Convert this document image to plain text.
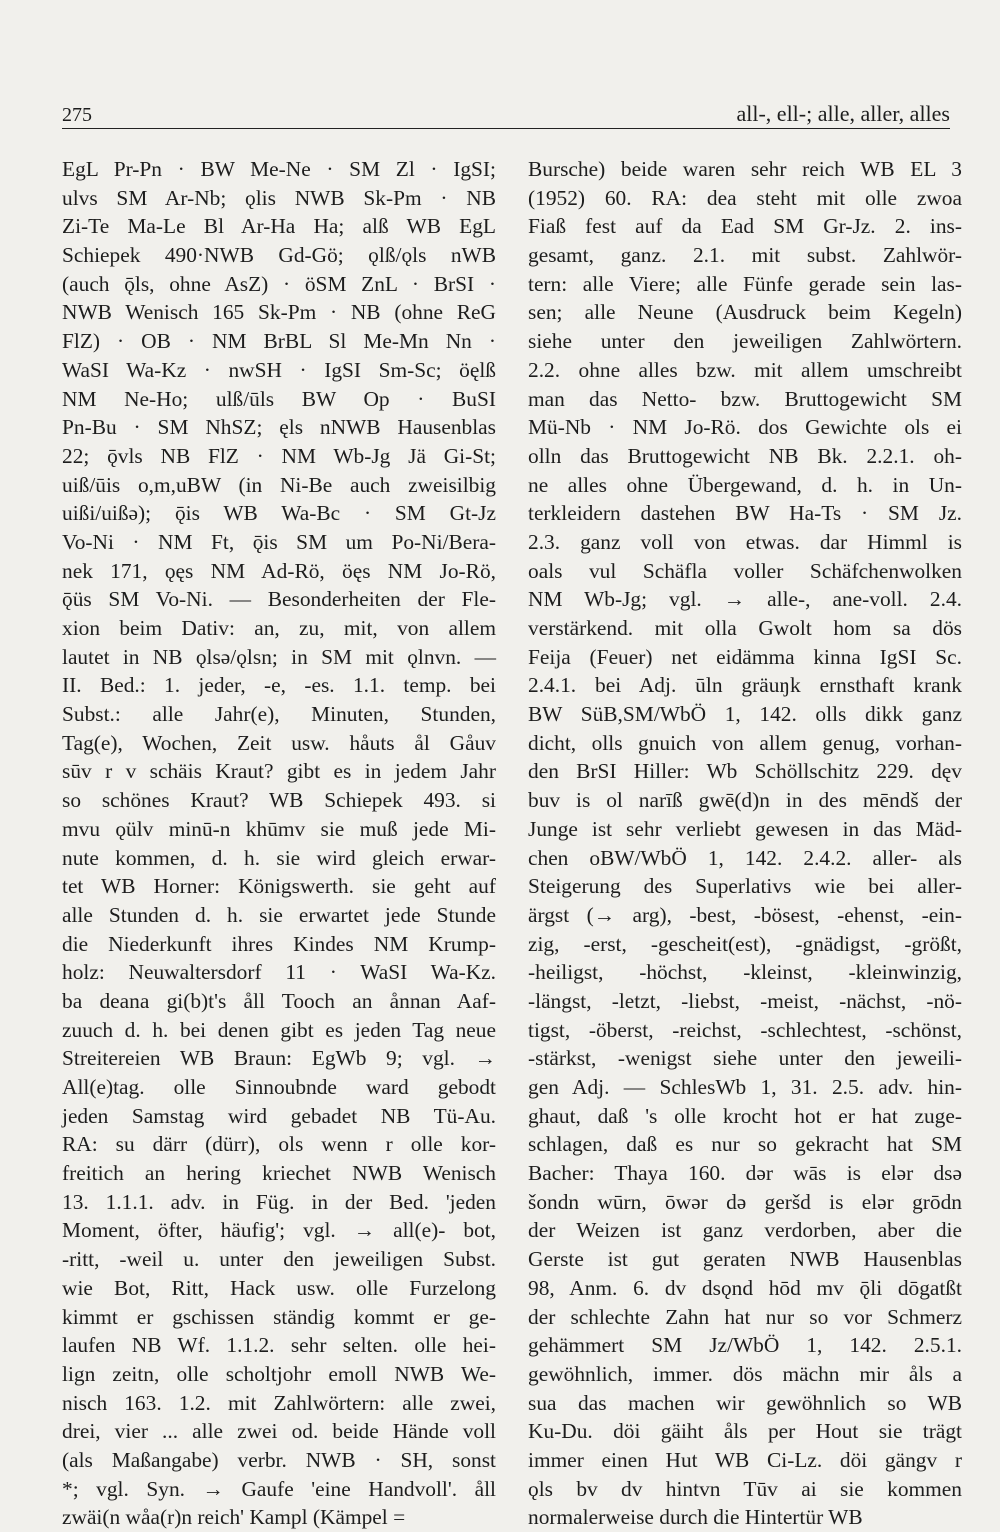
275	all-, ell-; alle, aller, alles
EgL Pr-Pn · BW Me-Ne · SM Zl · IgSI;
ulvs SM Ar-Nb; ǫlis NWB Sk-Pm · NB
Zi-Te Ma-Le Bl Ar-Ha Ha; alß WB EgL
Schiepek 490·NWB Gd-Gö; ǫlß/ǫls nWB
(auch ǭls, ohne AsZ) · öSM ZnL · BrSI ·
NWB Wenisch 165 Sk-Pm · NB (ohne ReG
FlZ) · OB · NM BrBL Sl Me-Mn Nn ·
WaSI Wa-Kz · nwSH · IgSI Sm-Sc; öęlß
NM Ne-Ho; ulß/ūls BW Op · BuSI
Pn-Bu · SM NhSZ; ęls nNWB Hausenblas
22; ǭvls NB FlZ · NM Wb-Jg Jä Gi-St;
uiß/ūis o,m,uBW (in Ni-Be auch zweisilbig
uißi/uißə); ǭis WB Wa-Bc · SM Gt-Jz
Vo-Ni · NM Ft, ǭis SM um Po-Ni/Bera-
nek 171, ǫęs NM Ad-Rö, öęs NM Jo-Rö,
ǭüs SM Vo-Ni. — Besonderheiten der Fle-
xion beim Dativ: an, zu, mit, von allem
lautet in NB ǫlsə/ǫlsn; in SM mit ǫlnvn. —
II. Bed.: 1. jeder, -e, -es. 1.1. temp. bei
Subst.: alle Jahr(e), Minuten, Stunden,
Tag(e), Wochen, Zeit usw. håuts ål Gåuv
sūv r v schäis Kraut? gibt es in jedem Jahr
so schönes Kraut? WB Schiepek 493. si
mvu ǫülv minū-n khūmv sie muß jede Mi-
nute kommen, d. h. sie wird gleich erwar-
tet WB Horner: Königswerth. sie geht auf
alle Stunden d. h. sie erwartet jede Stunde
die Niederkunft ihres Kindes NM Krump-
holz: Neuwaltersdorf 11 · WaSI Wa-Kz.
ba deana gi(b)t's åll Tooch an ånnan Aaf-
zuuch d. h. bei denen gibt es jeden Tag neue
Streitereien WB Braun: EgWb 9; vgl. →
All(e)tag. olle Sinnoubnde ward gebodt
jeden Samstag wird gebadet NB Tü-Au.
RA: su därr (dürr), ols wenn r olle kor-
freitich an hering kriechet NWB Wenisch
13. 1.1.1. adv. in Füg. in der Bed. 'jeden
Moment, öfter, häufig'; vgl. → all(e)- bot,
-ritt, -weil u. unter den jeweiligen Subst.
wie Bot, Ritt, Hack usw. olle Furzelong
kimmt er gschissen ständig kommt er ge-
laufen NB Wf. 1.1.2. sehr selten. olle hei-
lign zeitn, olle scholtjohr emoll NWB We-
nisch 163. 1.2. mit Zahlwörtern: alle zwei,
drei, vier ... alle zwei od. beide Hände voll
(als Maßangabe) verbr. NWB · SH, sonst
*; vgl. Syn. → Gaufe 'eine Handvoll'. åll
zwäi(n wåa(r)n reich' Kampl (Kämpel =
Bursche) beide waren sehr reich WB EL 3
(1952) 60. RA: dea steht mit olle zwoa
Fiaß fest auf da Ead SM Gr-Jz. 2. ins-
gesamt, ganz. 2.1. mit subst. Zahlwör-
tern: alle Viere; alle Fünfe gerade sein las-
sen; alle Neune (Ausdruck beim Kegeln)
siehe unter den jeweiligen Zahlwörtern.
2.2. ohne alles bzw. mit allem umschreibt
man das Netto- bzw. Bruttogewicht SM
Mü-Nb · NM Jo-Rö. dos Gewichte ols ei
olln das Bruttogewicht NB Bk. 2.2.1. oh-
ne alles ohne Übergewand, d. h. in Un-
terkleidern dastehen BW Ha-Ts · SM Jz.
2.3. ganz voll von etwas. dar Himml is
oals vul Schäfla voller Schäfchenwolken
NM Wb-Jg; vgl. → alle-, ane-voll. 2.4.
verstärkend. mit olla Gwolt hom sa dös
Feija (Feuer) net eidämma kinna IgSI Sc.
2.4.1. bei Adj. ūln gräuŋk ernsthaft krank
BW SüB,SM/WbÖ 1, 142. olls dikk ganz
dicht, olls gnuich von allem genug, vorhan-
den BrSI Hiller: Wb Schöllschitz 229. dęv
buv is ol narīß gwē(d)n in des mēndš der
Junge ist sehr verliebt gewesen in das Mäd-
chen oBW/WbÖ 1, 142. 2.4.2. aller- als
Steigerung des Superlativs wie bei aller-
ärgst (→ arg), -best, -bösest, -ehenst, -ein-
zig, -erst, -gescheit(est), -gnädigst, -größt,
-heiligst, -höchst, -kleinst, -kleinwinzig,
-längst, -letzt, -liebst, -meist, -nächst, -nö-
tigst, -öberst, -reichst, -schlechtest, -schönst,
-stärkst, -wenigst siehe unter den jeweili-
gen Adj. — SchlesWb 1, 31. 2.5. adv. hin-
ghaut, daß 's olle krocht hot er hat zuge-
schlagen, daß es nur so gekracht hat SM
Bacher: Thaya 160. dər wās is elər dsə
šondn wūrn, ōwər də geršd is elər grōdn
der Weizen ist ganz verdorben, aber die
Gerste ist gut geraten NWB Hausenblas
98, Anm. 6. dv dsǫnd hōd mv ǭli dōgatßt
der schlechte Zahn hat nur so vor Schmerz
gehämmert SM Jz/WbÖ 1, 142. 2.5.1.
gewöhnlich, immer. dös mächn mir åls a
sua das machen wir gewöhnlich so WB
Ku-Du. döi gäiht åls per Hout sie trägt
immer einen Hut WB Ci-Lz. döi gängv r
ǫls bv dv hintvn Tūv ai sie kommen
normalerweise durch die Hintertür WB
